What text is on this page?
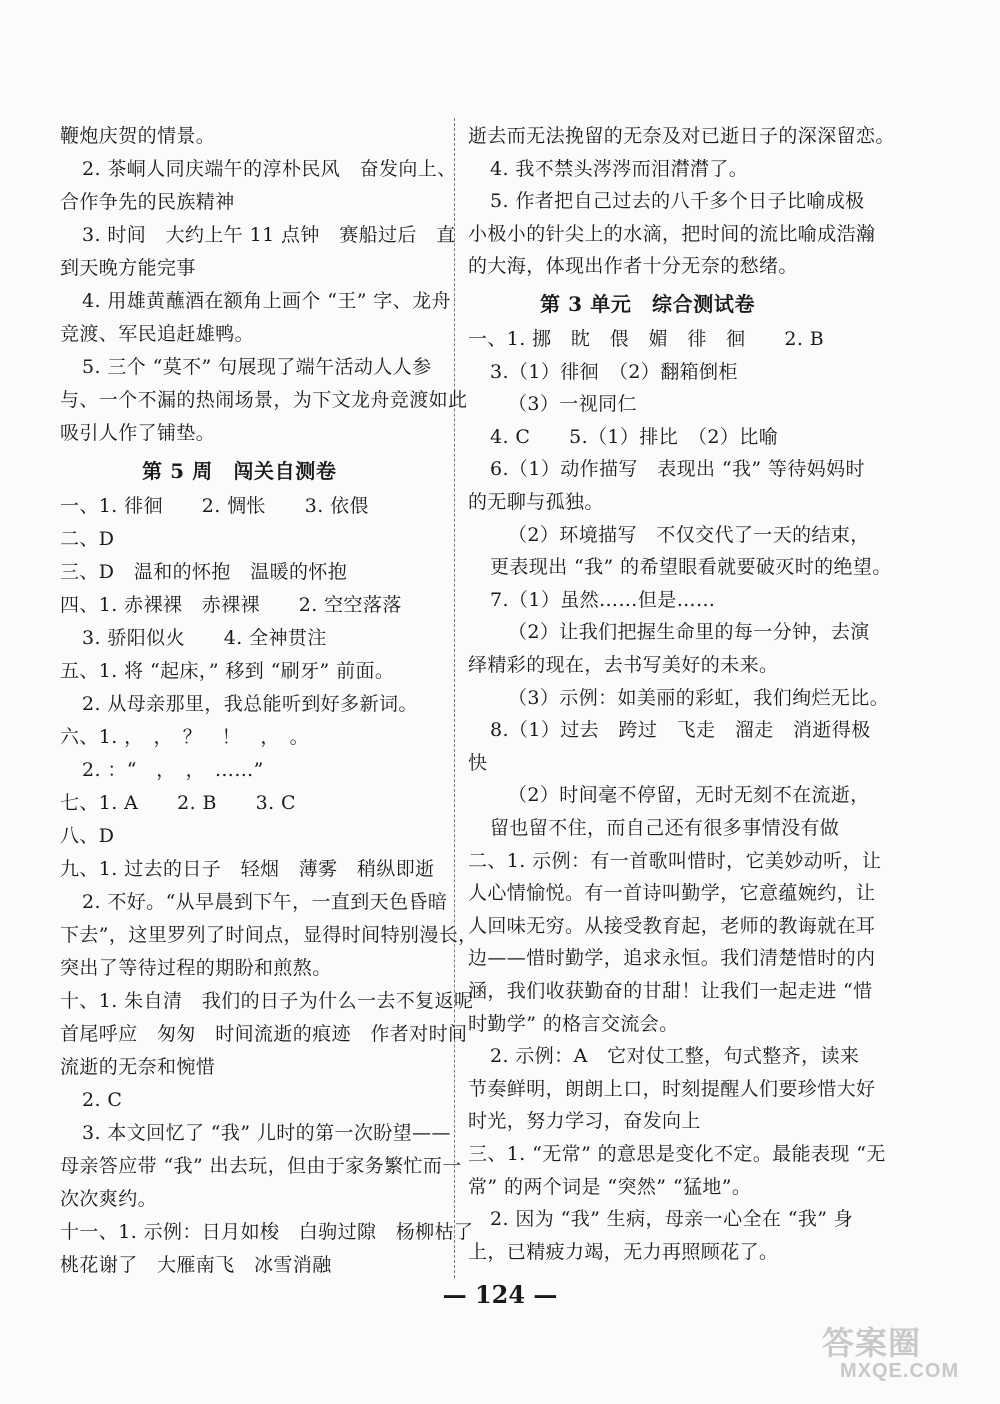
鞭炮庆贺的情景。
2. 茶峒人同庆端午的淳朴民风　奋发向上、
合作争先的民族精神
3. 时间　大约上午 11 点钟　赛船过后　直
到天晚方能完事
4. 用雄黄蘸酒在额角上画个 “王” 字、龙舟
竞渡、军民追赶雄鸭。
5. 三个 “莫不” 句展现了端午活动人人参
与、一个不漏的热闹场景，为下文龙舟竞渡如此
吸引人作了铺垫。
第 5 周　闯关自测卷
一、1. 徘徊　　2. 惆怅　　3. 依偎
二、D
三、D　温和的怀抱　温暖的怀抱
四、1. 赤裸裸　赤裸裸　　2. 空空落落
3. 骄阳似火　　4. 全神贯注
五、1. 将 “起床，” 移到 “刷牙” 前面。
2. 从母亲那里，我总能听到好多新词。
六、1. ，　，　？　！　，　。
2. ：“　，　，　……”
七、1. A　　2. B　　3. C
八、D
九、1. 过去的日子　轻烟　薄雾　稍纵即逝
2. 不好。“从早晨到下午，一直到天色昏暗
下去”，这里罗列了时间点，显得时间特别漫长，
突出了等待过程的期盼和煎熬。
十、1. 朱自清　我们的日子为什么一去不复返呢
首尾呼应　匆匆　时间流逝的痕迹　作者对时间
流逝的无奈和惋惜
2. C
3. 本文回忆了 “我” 儿时的第一次盼望——
母亲答应带 “我” 出去玩，但由于家务繁忙而一
次次爽约。
逝去而无法挽留的无奈及对已逝日子的深深留恋。
4. 我不禁头涔涔而泪潸潸了。
5. 作者把自己过去的八千多个日子比喻成极
小极小的针尖上的水滴，把时间的流比喻成浩瀚
的大海，体现出作者十分无奈的愁绪。
第 3 单元　综合测试卷
一、1. 挪　眈　偎　媚　徘　徊　　2. B
3.（1）徘徊　（2）翻箱倒柜
（3）一视同仁
4. C　　5.（1）排比　（2）比喻
6.（1）动作描写　表现出 “我” 等待妈妈时
的无聊与孤独。
（2）环境描写　不仅交代了一天的结束，
更表现出 “我” 的希望眼看就要破灭时的绝望。
7.（1）虽然……但是……
（2）让我们把握生命里的每一分钟，去演
绎精彩的现在，去书写美好的未来。
（3）示例：如美丽的彩虹，我们绚烂无比。
8.（1）过去　跨过　飞走　溜走　消逝得极
快
（2）时间毫不停留，无时无刻不在流逝，
留也留不住，而自己还有很多事情没有做
二、1. 示例：有一首歌叫惜时，它美妙动听，让
人心情愉悦。有一首诗叫勤学，它意蕴婉约，让
人回味无穷。从接受教育起，老师的教诲就在耳
边——惜时勤学，追求永恒。我们清楚惜时的内
涵，我们收获勤奋的甘甜！让我们一起走进 “惜
时勤学” 的格言交流会。
2. 示例：A　它对仗工整，句式整齐，读来
节奏鲜明，朗朗上口，时刻提醒人们要珍惜大好
时光，努力学习，奋发向上
三、1. “无常” 的意思是变化不定。最能表现 “无
常” 的两个词是 “突然” “猛地”。
2. 因为 “我” 生病，母亲一心全在 “我” 身
上，已精疲力竭，无力再照顾花了。
十一、1. 示例：日月如梭　白驹过隙　杨柳枯了
桃花谢了　大雁南飞　冰雪消融
— 124 —
答案圈
MXQE.COM
